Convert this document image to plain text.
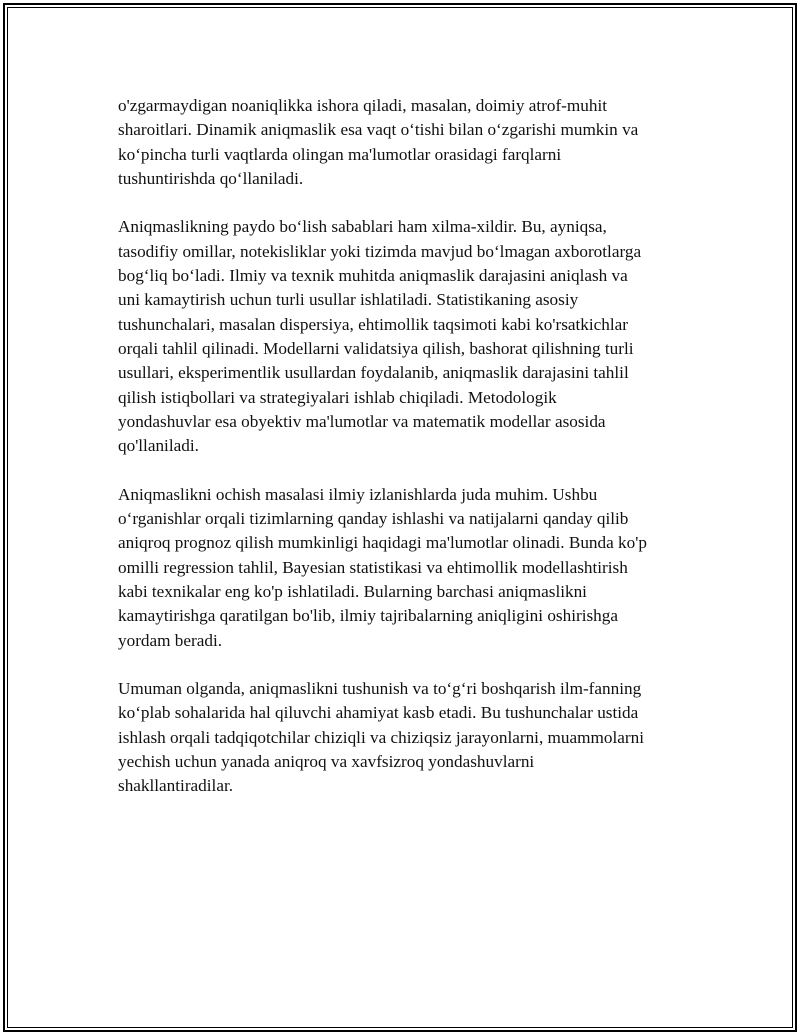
o'zgarmaydigan noaniqlikka ishora qiladi, masalan, doimiy atrof-muhit
sharoitlari. Dinamik aniqmaslik esa vaqt o‘tishi bilan o‘zgarishi mumkin va
ko‘pincha turli vaqtlarda olingan ma'lumotlar orasidagi farqlarni
tushuntirishda qo‘llaniladi.

Aniqmaslikning paydo bo‘lish sabablari ham xilma-xildir. Bu, ayniqsa,
tasodifiy omillar, notekisliklar yoki tizimda mavjud bo‘lmagan axborotlarga
bog‘liq bo‘ladi. Ilmiy va texnik muhitda aniqmaslik darajasini aniqlash va
uni kamaytirish uchun turli usullar ishlatiladi. Statistikaning asosiy
tushunchalari, masalan dispersiya, ehtimollik taqsimoti kabi ko'rsatkichlar
orqali tahlil qilinadi. Modellarni validatsiya qilish, bashorat qilishning turli
usullari, eksperimentlik usullardan foydalanib, aniqmaslik darajasini tahlil
qilish istiqbollari va strategiyalari ishlab chiqiladi. Metodologik
yondashuvlar esa obyektiv ma'lumotlar va matematik modellar asosida
qo'llaniladi.

Aniqmaslikni ochish masalasi ilmiy izlanishlarda juda muhim. Ushbu
o‘rganishlar orqali tizimlarning qanday ishlashi va natijalarni qanday qilib
aniqroq prognoz qilish mumkinligi haqidagi ma'lumotlar olinadi. Bunda ko'p
omilli regression tahlil, Bayesian statistikasi va ehtimollik modellashtirish
kabi texnikalar eng ko'p ishlatiladi. Bularning barchasi aniqmaslikni
kamaytirishga qaratilgan bo'lib, ilmiy tajribalarning aniqligini oshirishga
yordam beradi.

Umuman olganda, aniqmaslikni tushunish va to‘g‘ri boshqarish ilm-fanning
ko‘plab sohalarida hal qiluvchi ahamiyat kasb etadi. Bu tushunchalar ustida
ishlash orqali tadqiqotchilar chiziqli va chiziqsiz jarayonlarni, muammolarni
yechish uchun yanada aniqroq va xavfsizroq yondashuvlarni
shakllantiradilar.
